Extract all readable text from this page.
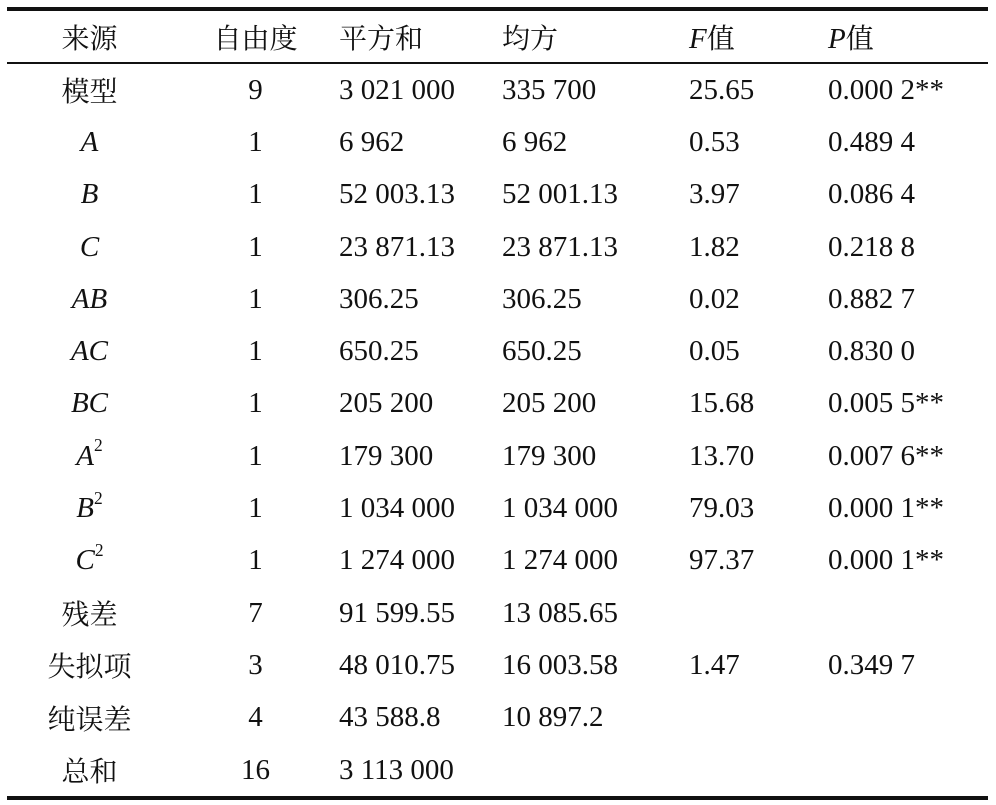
来源	自由度	平方和	均方	F值	P值
模型	9	3 021 000	335 700	25.65	0.000 2**
A	1	6 962	6 962	0.53	0.489 4
B	1	52 003.13	52 001.13	3.97	0.086 4
C	1	23 871.13	23 871.13	1.82	0.218 8
AB	1	306.25	306.25	0.02	0.882 7
AC	1	650.25	650.25	0.05	0.830 0
BC	1	205 200	205 200	15.68	0.005 5**
$A^2$	1	179 300	179 300	13.70	0.007 6**
$B^2$	1	1 034 000	1 034 000	79.03	0.000 1**
$C^2$	1	1 274 000	1 274 000	97.37	0.000 1**
残差	7	91 599.55	13 085.65		
失拟项	3	48 010.75	16 003.58	1.47	0.349 7
纯误差	4	43 588.8	10 897.2		
总和	16	3 113 000			
